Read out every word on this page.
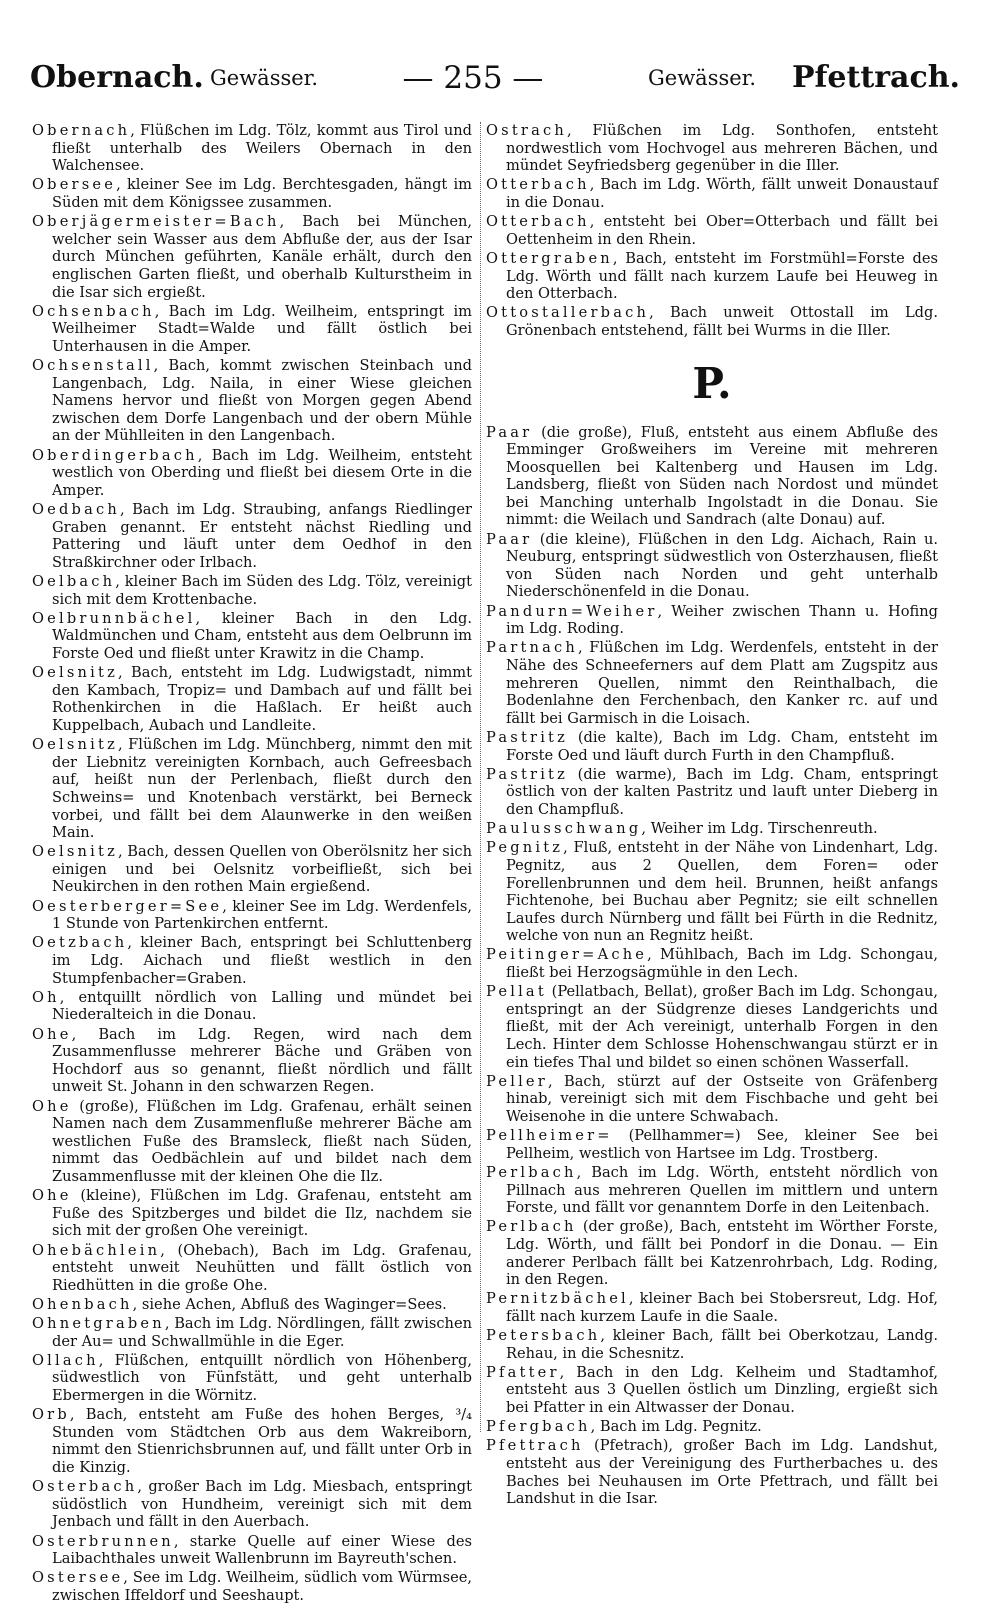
Obernach. Gewässer.	— 255 —	Gewässer. Pfettrach.

Obernach, Flüßchen im Ldg. Tölz, kommt aus Tirol und fließt unterhalb des Weilers Obernach in den Walchensee.

Obersee, kleiner See im Ldg. Berchtesgaden, hängt im Süden mit dem Königssee zusammen.

Oberjägermeister=Bach, Bach bei München, welcher sein Wasser aus dem Abfluße der, aus der Isar durch München geführten, Kanäle erhält, durch den englischen Garten fließt, und oberhalb Kulturstheim in die Isar sich ergießt.

Ochsenbach, Bach im Ldg. Weilheim, entspringt im Weilheimer Stadt=Walde und fällt östlich bei Unterhausen in die Amper.

Ochsenstall, Bach, kommt zwischen Steinbach und Langenbach, Ldg. Naila, in einer Wiese gleichen Namens hervor und fließt von Morgen gegen Abend zwischen dem Dorfe Langenbach und der obern Mühle an der Mühlleiten in den Langenbach.

Oberdingerbach, Bach im Ldg. Weilheim, entsteht westlich von Oberding und fließt bei diesem Orte in die Amper.

Oedbach, Bach im Ldg. Straubing, anfangs Riedlinger Graben genannt. Er entsteht nächst Riedling und Pattering und läuft unter dem Oedhof in den Straßkirchner oder Irlbach.

Oelbach, kleiner Bach im Süden des Ldg. Tölz, vereinigt sich mit dem Krottenbache.

Oelbrunnbächel, kleiner Bach in den Ldg. Waldmünchen und Cham, entsteht aus dem Oelbrunn im Forste Oed und fließt unter Krawitz in die Champ.

Oelsnitz, Bach, entsteht im Ldg. Ludwigstadt, nimmt den Kambach, Tropiz= und Dambach auf und fällt bei Rothenkirchen in die Haßlach. Er heißt auch Kuppelbach, Aubach und Landleite.

Oelsnitz, Flüßchen im Ldg. Münchberg, nimmt den mit der Liebnitz vereinigten Kornbach, auch Gefreesbach auf, heißt nun der Perlenbach, fließt durch den Schweins= und Knotenbach verstärkt, bei Berneck vorbei, und fällt bei dem Alaunwerke in den weißen Main.

Oelsnitz, Bach, dessen Quellen von Oberölsnitz her sich einigen und bei Oelsnitz vorbeifließt, sich bei Neukirchen in den rothen Main ergießend.

Oesterberger=See, kleiner See im Ldg. Werdenfels, 1 Stunde von Partenkirchen entfernt.

Oetzbach, kleiner Bach, entspringt bei Schluttenberg im Ldg. Aichach und fließt westlich in den Stumpfenbacher=Graben.

Oh, entquillt nördlich von Lalling und mündet bei Niederalteich in die Donau.

Ohe, Bach im Ldg. Regen, wird nach dem Zusammenflusse mehrerer Bäche und Gräben von Hochdorf aus so genannt, fließt nördlich und fällt unweit St. Johann in den schwarzen Regen.

Ohe (große), Flüßchen im Ldg. Grafenau, erhält seinen Namen nach dem Zusammenfluße mehrerer Bäche am westlichen Fuße des Bramsleck, fließt nach Süden, nimmt das Oedbächlein auf und bildet nach dem Zusammenflusse mit der kleinen Ohe die Ilz.

Ohe (kleine), Flüßchen im Ldg. Grafenau, entsteht am Fuße des Spitzberges und bildet die Ilz, nachdem sie sich mit der großen Ohe vereinigt.

Ohebächlein, (Ohebach), Bach im Ldg. Grafenau, entsteht unweit Neuhütten und fällt östlich von Riedhütten in die große Ohe.

Ohenbach, siehe Achen, Abfluß des Waginger=Sees.

Ohnetgraben, Bach im Ldg. Nördlingen, fällt zwischen der Au= und Schwallmühle in die Eger.

Ollach, Flüßchen, entquillt nördlich von Höhenberg, südwestlich von Fünfstätt, und geht unterhalb Ebermergen in die Wörnitz.

Orb, Bach, entsteht am Fuße des hohen Berges, ³/₄ Stunden vom Städtchen Orb aus dem Wakreiborn, nimmt den Stienrichsbrunnen auf, und fällt unter Orb in die Kinzig.

Osterbach, großer Bach im Ldg. Miesbach, entspringt südöstlich von Hundheim, vereinigt sich mit dem Jenbach und fällt in den Auerbach.

Osterbrunnen, starke Quelle auf einer Wiese des Laibachthales unweit Wallenbrunn im Bayreuth'schen.

Ostersee, See im Ldg. Weilheim, südlich vom Würmsee, zwischen Iffeldorf und Seeshaupt.

Ostrach, Flüßchen im Ldg. Sonthofen, entsteht nordwestlich vom Hochvogel aus mehreren Bächen, und mündet Seyfriedsberg gegenüber in die Iller.

Otterbach, Bach im Ldg. Wörth, fällt unweit Donaustauf in die Donau.

Otterbach, entsteht bei Ober=Otterbach und fällt bei Oettenheim in den Rhein.

Ottergraben, Bach, entsteht im Forstmühl=Forste des Ldg. Wörth und fällt nach kurzem Laufe bei Heuweg in den Otterbach.

Ottostallerbach, Bach unweit Ottostall im Ldg. Grönenbach entstehend, fällt bei Wurms in die Iller.

P.

Paar (die große), Fluß, entsteht aus einem Abfluße des Emminger Großweihers im Vereine mit mehreren Moosquellen bei Kaltenberg und Hausen im Ldg. Landsberg, fließt von Süden nach Nordost und mündet bei Manching unterhalb Ingolstadt in die Donau. Sie nimmt: die Weilach und Sandrach (alte Donau) auf.

Paar (die kleine), Flüßchen in den Ldg. Aichach, Rain u. Neuburg, entspringt südwestlich von Osterzhausen, fließt von Süden nach Norden und geht unterhalb Niederschönenfeld in die Donau.

Pandurn=Weiher, Weiher zwischen Thann u. Hofing im Ldg. Roding.

Partnach, Flüßchen im Ldg. Werdenfels, entsteht in der Nähe des Schneeferners auf dem Platt am Zugspitz aus mehreren Quellen, nimmt den Reinthalbach, die Bodenlahne den Ferchenbach, den Kanker rc. auf und fällt bei Garmisch in die Loisach.

Pastritz (die kalte), Bach im Ldg. Cham, entsteht im Forste Oed und läuft durch Furth in den Champfluß.

Pastritz (die warme), Bach im Ldg. Cham, entspringt östlich von der kalten Pastritz und lauft unter Dieberg in den Champfluß.

Paulusschwang, Weiher im Ldg. Tirschenreuth.

Pegnitz, Fluß, entsteht in der Nähe von Lindenhart, Ldg. Pegnitz, aus 2 Quellen, dem Foren= oder Forellenbrunnen und dem heil. Brunnen, heißt anfangs Fichtenohe, bei Buchau aber Pegnitz; sie eilt schnellen Laufes durch Nürnberg und fällt bei Fürth in die Rednitz, welche von nun an Regnitz heißt.

Peitinger=Ache, Mühlbach, Bach im Ldg. Schongau, fließt bei Herzogsägmühle in den Lech.

Pellat (Pellatbach, Bellat), großer Bach im Ldg. Schongau, entspringt an der Südgrenze dieses Landgerichts und fließt, mit der Ach vereinigt, unterhalb Forgen in den Lech. Hinter dem Schlosse Hohenschwangau stürzt er in ein tiefes Thal und bildet so einen schönen Wasserfall.

Peller, Bach, stürzt auf der Ostseite von Gräfenberg hinab, vereinigt sich mit dem Fischbache und geht bei Weisenohe in die untere Schwabach.

Pellheimer= (Pellhammer=) See, kleiner See bei Pellheim, westlich von Hartsee im Ldg. Trostberg.

Perlbach, Bach im Ldg. Wörth, entsteht nördlich von Pillnach aus mehreren Quellen im mittlern und untern Forste, und fällt vor genanntem Dorfe in den Leitenbach.

Perlbach (der große), Bach, entsteht im Wörther Forste, Ldg. Wörth, und fällt bei Pondorf in die Donau. — Ein anderer Perlbach fällt bei Katzenrohrbach, Ldg. Roding, in den Regen.

Pernitzbächel, kleiner Bach bei Stobersreut, Ldg. Hof, fällt nach kurzem Laufe in die Saale.

Petersbach, kleiner Bach, fällt bei Oberkotzau, Landg. Rehau, in die Schesnitz.

Pfatter, Bach in den Ldg. Kelheim und Stadtamhof, entsteht aus 3 Quellen östlich um Dinzling, ergießt sich bei Pfatter in ein Altwasser der Donau.

Pfergbach, Bach im Ldg. Pegnitz.

Pfettrach (Pfetrach), großer Bach im Ldg. Landshut, entsteht aus der Vereinigung des Furtherbaches u. des Baches bei Neuhausen im Orte Pfettrach, und fällt bei Landshut in die Isar.
